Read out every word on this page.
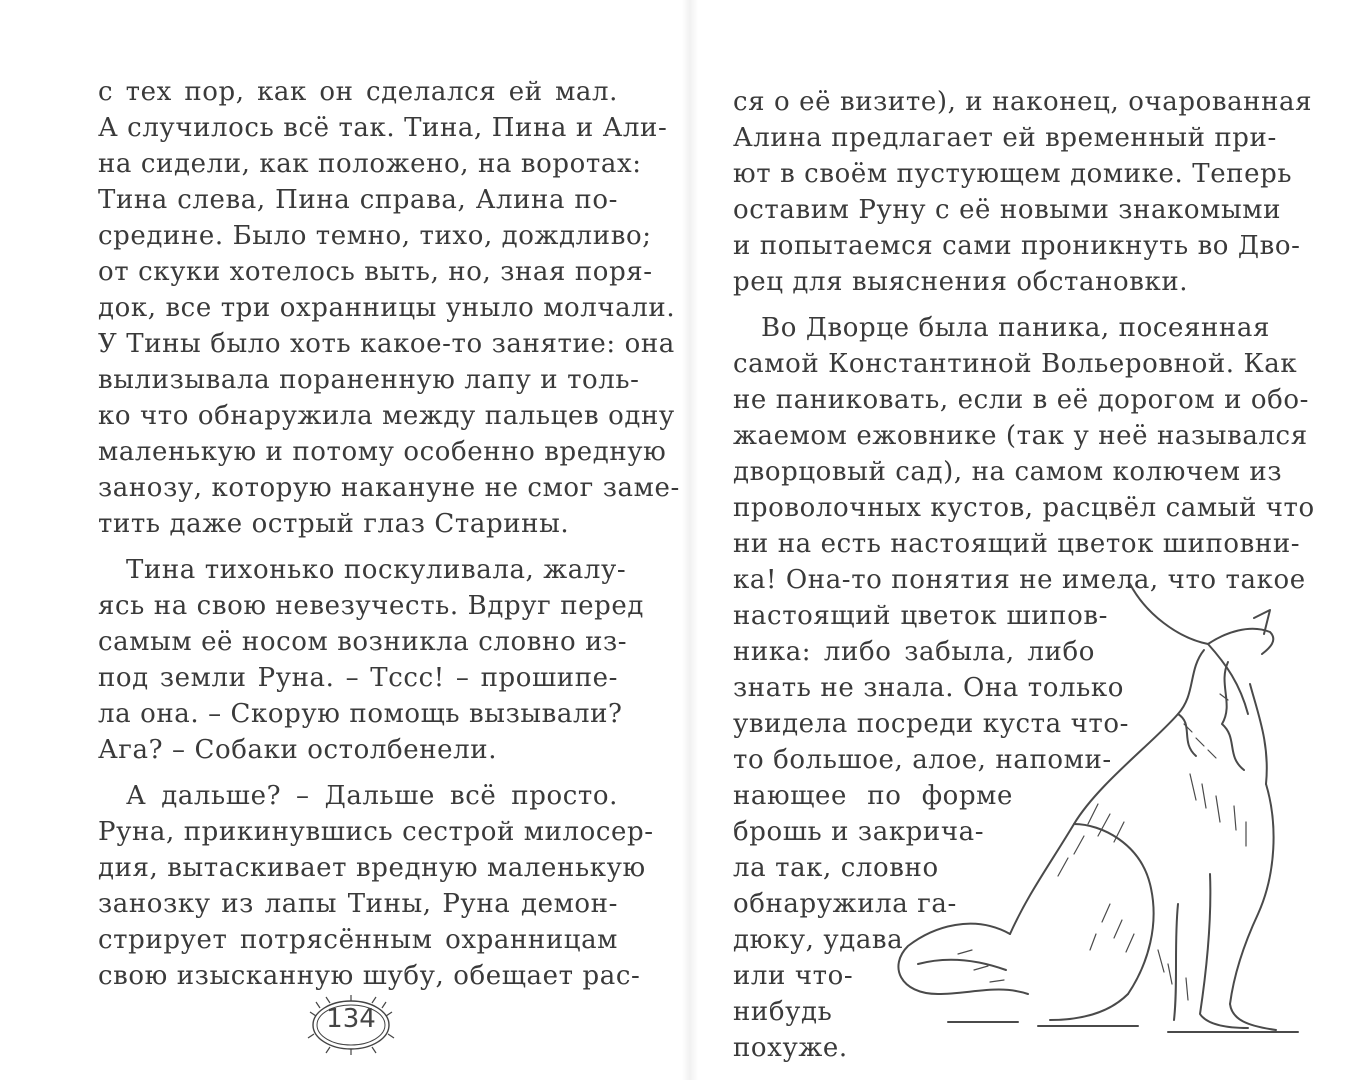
с тех пор, как он сделался ей мал.
А случилось всё так. Тина, Пина и Али-
на сидели, как положено, на воротах:
Тина слева, Пина справа, Алина по-
средине. Было темно, тихо, дождливо;
от скуки хотелось выть, но, зная поря-
док, все три охранницы уныло молчали.
У Тины было хоть какое-то занятие: она
вылизывала пораненную лапу и толь-
ко что обнаружила между пальцев одну
маленькую и потому особенно вредную
занозу, которую накануне не смог заме-
тить даже острый глаз Старины.
Тина тихонько поскуливала, жалу-
ясь на свою невезучесть. Вдруг перед
самым её носом возникла словно из-
под земли Руна. – Тссс! – прошипе-
ла она. – Скорую помощь вызывали?
Ага? – Собаки остолбенели.
А дальше? – Дальше всё просто.
Руна, прикинувшись сестрой милосер-
дия, вытаскивает вредную маленькую
занозку из лапы Тины, Руна демон-
стрирует потрясённым охранницам
свою изысканную шубу, обещает рас-
134
ся о её визите), и наконец, очарованная
Алина предлагает ей временный при-
ют в своём пустующем домике. Теперь
оставим Руну с её новыми знакомыми
и попытаемся сами проникнуть во Дво-
рец для выяснения обстановки.
Во Дворце была паника, посеянная
самой Константиной Вольеровной. Как
не паниковать, если в её дорогом и обо-
жаемом ежовнике (так у неё назывался
дворцовый сад), на самом колючем из
проволочных кустов, расцвёл самый что
ни на есть настоящий цветок шиповни-
ка! Она-то понятия не имела, что такое
настоящий цветок шипов-
ника: либо забыла, либо
знать не знала. Она только
увидела посреди куста что-
то большое, алое, напоми-
нающее по форме
брошь и закрича-
ла так, словно
обнаружила га-
дюку, удава
или что-
нибудь
похуже.
